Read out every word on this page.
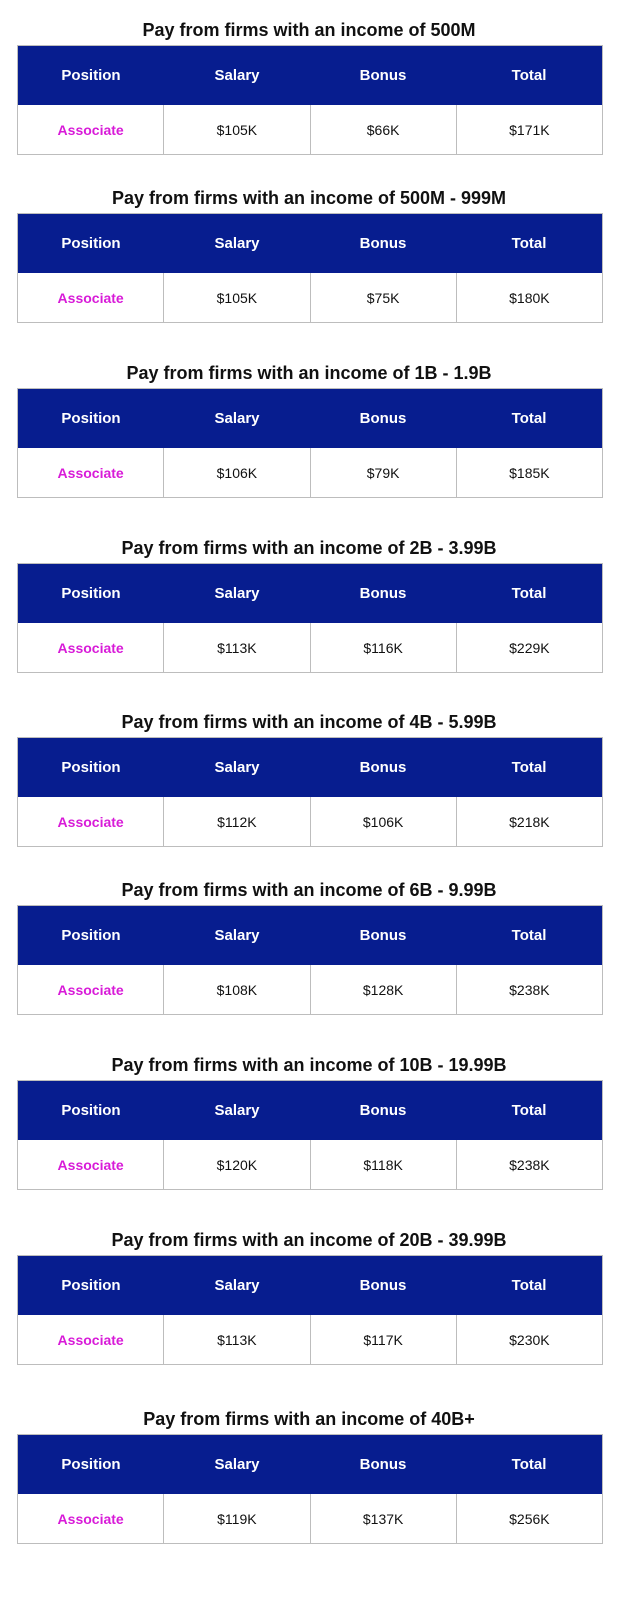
Pay from firms with an income of 500M
Position	Salary	Bonus	Total
Associate	$105K	$66K	$171K
Pay from firms with an income of 500M - 999M
Position	Salary	Bonus	Total
Associate	$105K	$75K	$180K
Pay from firms with an income of 1B - 1.9B
Position	Salary	Bonus	Total
Associate	$106K	$79K	$185K
Pay from firms with an income of 2B - 3.99B
Position	Salary	Bonus	Total
Associate	$113K	$116K	$229K
Pay from firms with an income of 4B - 5.99B
Position	Salary	Bonus	Total
Associate	$112K	$106K	$218K
Pay from firms with an income of 6B - 9.99B
Position	Salary	Bonus	Total
Associate	$108K	$128K	$238K
Pay from firms with an income of 10B - 19.99B
Position	Salary	Bonus	Total
Associate	$120K	$118K	$238K
Pay from firms with an income of 20B - 39.99B
Position	Salary	Bonus	Total
Associate	$113K	$117K	$230K
Pay from firms with an income of 40B+
Position	Salary	Bonus	Total
Associate	$119K	$137K	$256K
